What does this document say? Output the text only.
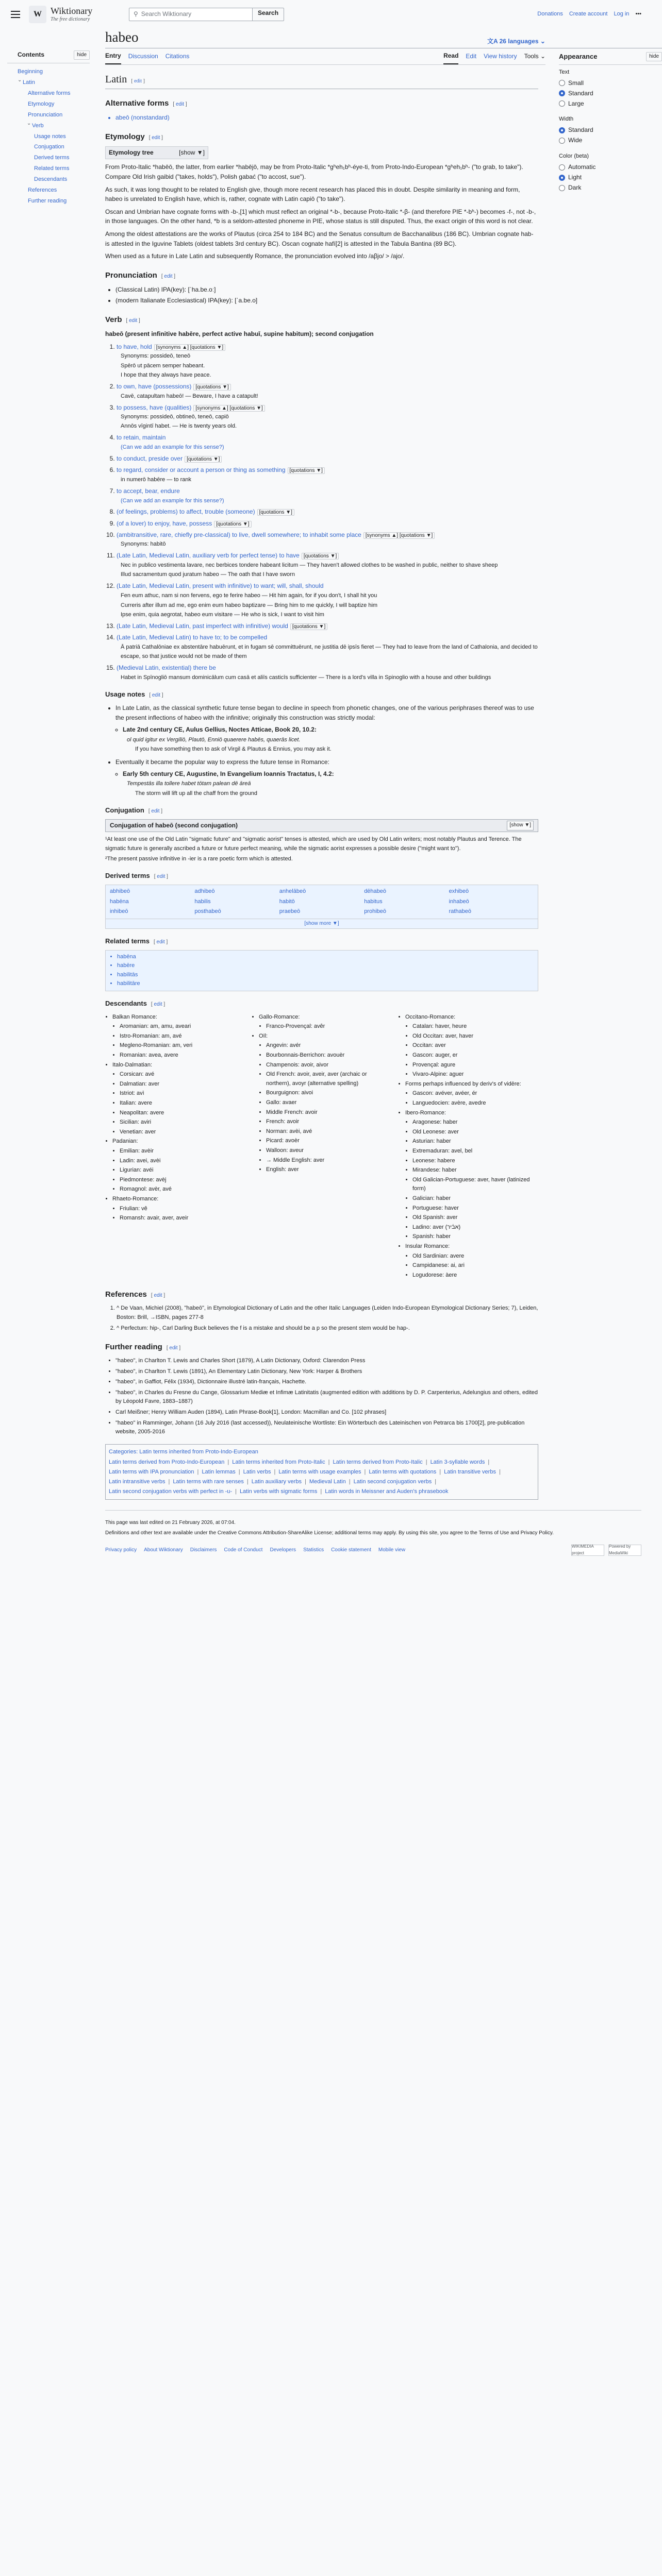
W Wiktionary
The free dictionary
⚲ Search Wiktionary	Search	Donations Create account Log in •••
Contents	hide
Beginning
⌄ Latin
Alternative forms
Etymology
Pronunciation
⌄ Verb
Usage notes
Conjugation
Derived terms
Related terms
Descendants
References
Further reading
habeo	文A 26 languages ⌄
Entry Discussion Citations	Read Edit View history Tools ⌄
Latin [ edit ]
Alternative forms [ edit ]
• abeō (nonstandard)
Etymology [ edit ]
Etymology tree	[show ▼]

From Proto-Italic *habēō, the latter, from earlier *habējō, may be from Proto-Italic *gʰeh₁bʰ-éye-ti, from Proto-Indo-European *gʰeh₁bʰ- ("to grab, to take"). Compare Old Irish gaibid ("takes, holds"), Polish gabać ("to accost, sue").

As such, it was long thought to be related to English give, though more recent research has placed this in doubt. Despite similarity in meaning and form, habeo is unrelated to English have, which is, rather, cognate with Latin capiō ("to take").

Oscan and Umbrian have cognate forms with -b-,[1] which must reflect an original *-b-, because Proto-Italic *-β- (and therefore PIE *-bʰ-) becomes -f-, not -b-, in those languages. On the other hand, *b is a seldom-attested phoneme in PIE, whose status is still disputed. Thus, the exact origin of this word is not clear.

Among the oldest attestations are the works of Plautus (circa 254 to 184 BC) and the Senatus consultum de Bacchanalibus (186 BC). Umbrian cognate hab- is attested in the Iguvine Tablets (oldest tablets 3rd century BC). Oscan cognate hafí[2] is attested in the Tabula Bantina (89 BC).

When used as a future in Late Latin and subsequently Romance, the pronunciation evolved into /aβjo/ > /ajo/.

Pronunciation [ edit ]
• (Classical Latin) IPA(key): [ˈha.be.oː]
• (modern Italianate Ecclesiastical) IPA(key): [ˈa.be.o]
Verb [ edit ]

habeō (present infinitive habēre, perfect active habuī, supine habitum); second conjugation

1. to have, hold [synonyms ▲] [quotations ▼]
Synonyms: possideō, teneō
Spērō ut pācem semper habeant.
I hope that they always have peace.
2. to own, have (possessions) [quotations ▼]
Cavē, catapultam habeō! — Beware, I have a catapult!
3. to possess, have (qualities) [synonyms ▲] [quotations ▼]
Synonyms: possideō, obtineō, teneō, capiō
Annōs vīgintī habet. — He is twenty years old.
4. to retain, maintain
(Can we add an example for this sense?)
5. to conduct, preside over [quotations ▼]
6. to regard, consider or account a person or thing as something [quotations ▼]
in numerō habēre — to rank
7. to accept, bear, endure
(Can we add an example for this sense?)
8. (of feelings, problems) to affect, trouble (someone) [quotations ▼]
9. (of a lover) to enjoy, have, possess [quotations ▼]
10. (ambitransitive, rare, chiefly pre-classical) to live, dwell somewhere; to inhabit some place [synonyms ▲] [quotations ▼]
Synonyms: habitō
11. (Late Latin, Medieval Latin, auxiliary verb for perfect tense) to have [quotations ▼]
Nec in publico vestimenta lavare, nec berbices tondere habeant licitum — They haven't allowed clothes to be washed in public, neither to shave sheep
Illud sacramentum quod juratum habeo — The oath that I have sworn
12. (Late Latin, Medieval Latin, present with infinitive) to want; will, shall, should
Fen eum athuc, nam si non fervens, ego te ferire habeo — Hit him again, for if you don't, I shall hit you
Curreris after illum ad me, ego enim eum habeo baptizare — Bring him to me quickly, I will baptize him
Ipse enim, quia aegrotat, habeo eum visitare — He who is sick, I want to visit him
13. (Late Latin, Medieval Latin, past imperfect with infinitive) would [quotations ▼]
14. (Late Latin, Medieval Latin) to have to; to be compelled
Ā patriā Cathalōniae ex abstentāre habuērunt, et in fugam sē committuērunt, ne justitia dē ipsīs fieret — They had to leave from the land of Cathalonia, and decided to escape, so that justice would not be made of them
15. (Medieval Latin, existential) there be
Habet in Spīnogliō mansum dominicālum cum casā et aliīs casticīs sufficienter — There is a lord's villa in Spinoglio with a house and other buildings
Usage notes [ edit ]
• In Late Latin, as the classical synthetic future tense began to decline in speech from phonetic changes, one of the various periphrases thereof was to use the present inflections of habeo with the infinitive; originally this construction was strictly modal:
◦ Late 2nd century CE, Aulus Gellius, Noctes Atticae, Book 20, 10.2:
ol quid igitur ex Vergiliō, Plautō, Enniō quaerere habēs, quaerās licet.
If you have something then to ask of Virgil & Plautus & Ennius, you may ask it.
• Eventually it became the popular way to express the future tense in Romance:
◦ Early 5th century CE, Augustine, In Evangelium Ioannis Tractatus, I, 4.2:
Tempestās illa tollere habet tōtam palean dē āreā
The storm will lift up all the chaff from the ground
Conjugation [ edit ]
Conjugation of habeō (second conjugation)	[show ▼]

¹At least one use of the Old Latin "sigmatic future" and "sigmatic aorist" tenses is attested, which are used by Old Latin writers; most notably Plautus and Terence. The sigmatic future is generally ascribed a future or future perfect meaning, while the sigmatic aorist expresses a possible desire ("might want to").

²The present passive infinitive in -ier is a rare poetic form which is attested.

Derived terms [ edit ]
abhibeō	adhibeō	anhelābeō	dēhabeō	exhibeō
habēna	habilis	habitō	habitus	inhabeō
inhibeō	posthabeō	praebeō	prohibeō	rathabeō
[show more ▼]
Related terms [ edit ]
• habēna
• habēre
• habilitās
• habilitāre
Descendants [ edit ]
• Balkan Romance:
• Aromanian: am, amu, aveari
• Istro-Romanian: am, avé
• Megleno-Romanian: am, veri
• Romanian: avea, avere
• Italo-Dalmatian:
• Corsican: avé
• Dalmatian: aver
• Istriot: avì
• Italian: avere
• Neapolitan: avere
• Sicilian: aviri
• Venetian: aver
• Padanian:
• Emilian: avèir
• Ladin: avei, avèi
• Ligurian: avéi
• Piedmontese: avèj
• Romagnol: avèr, avé
• Rhaeto-Romance:
• Friulian: vê
• Romansh: avair, aver, aveir
• Gallo-Romance:
• Franco-Provençal: avêr
• Oïl:
• Angevin: avér
• Bourbonnais-Berrichon: avouèr
• Champenois: avoir, aivor
• Old French: avoir, aveir, aver (archaic or northern), avoyr (alternative spelling)
• Bourguignon: aivoi
• Gallo: avaer
• Middle French: avoir
• French: avoir
• Norman: avèi, avé
• Picard: avoèr
• Walloon: aveur
• → Middle English: aver
• English: aver
• Occitano-Romance:
• Catalan: haver, heure
• Old Occitan: aver, haver
• Occitan: aver
• Gascon: auger, er
• Provençal: agure
• Vivaro-Alpine: aguer
• Forms perhaps influenced by deriv's of vidēre:
• Gascon: avéver, avéer, ér
• Languedocien: avère, avedre
• Ibero-Romance:
• Aragonese: haber
• Old Leonese: aver
• Asturian: haber
• Extremaduran: avel, bel
• Leonese: habere
• Mirandese: haber
• Old Galician-Portuguese: aver, haver (latinized form)
• Galician: haber
• Portuguese: haver
• Old Spanish: aver
• Ladino: aver (אבֿיר)
• Spanish: haber
• Insular Romance:
• Old Sardinian: avere
• Campidanese: ai, ari
• Logudorese: àere
References [ edit ]
1. ^ De Vaan, Michiel (2008), "habeō", in Etymological Dictionary of Latin and the other Italic Languages (Leiden Indo-European Etymological Dictionary Series; 7), Leiden, Boston: Brill, →ISBN, pages 277-8
2. ^ Perfectum: hip-, Carl Darling Buck believes the f is a mistake and should be a p so the present stem would be hap-.
Further reading [ edit ]
• "habeo", in Charlton T. Lewis and Charles Short (1879), A Latin Dictionary, Oxford: Clarendon Press
• "habeo", in Charlton T. Lewis (1891), An Elementary Latin Dictionary, New York: Harper & Brothers
• "habeo", in Gaffiot, Félix (1934), Dictionnaire illustré latin-français, Hachette.
• "habeo", in Charles du Fresne du Cange, Glossarium Mediæ et Infimæ Latinitatis (augmented edition with additions by D. P. Carpenterius, Adelungius and others, edited by Léopold Favre, 1883–1887)
• Carl Meißner; Henry William Auden (1894), Latin Phrase-Book[1], London: Macmillan and Co. [102 phrases]
• "habeo" in Ramminger, Johann (16 July 2016 (last accessed)), Neulateinische Wortliste: Ein Wörterbuch des Lateinischen von Petrarca bis 1700[2], pre-publication website, 2005-2016
Categories: Latin terms inherited from Proto-Indo-European
Latin terms derived from Proto-Indo-European | Latin terms inherited from Proto-Italic | Latin terms derived from Proto-Italic | Latin 3-syllable words |
Latin terms with IPA pronunciation | Latin lemmas | Latin verbs | Latin terms with usage examples | Latin terms with quotations | Latin transitive verbs |
Latin intransitive verbs | Latin terms with rare senses | Latin auxiliary verbs | Medieval Latin | Latin second conjugation verbs |
Latin second conjugation verbs with perfect in -u- | Latin verbs with sigmatic forms | Latin words in Meissner and Auden's phrasebook
Appearance	hide
Text
Small
Standard
Large
Width
Standard
Wide
Color (beta)
Automatic
Light
Dark

This page was last edited on 21 February 2026, at 07:04.

Definitions and other text are available under the Creative Commons Attribution-ShareAlike License; additional terms may apply. By using this site, you agree to the Terms of Use and Privacy Policy.

Privacy policy About Wiktionary Disclaimers Code of Conduct Developers Statistics Cookie statement Mobile view
WIKIMEDIA project
Powered by MediaWiki
